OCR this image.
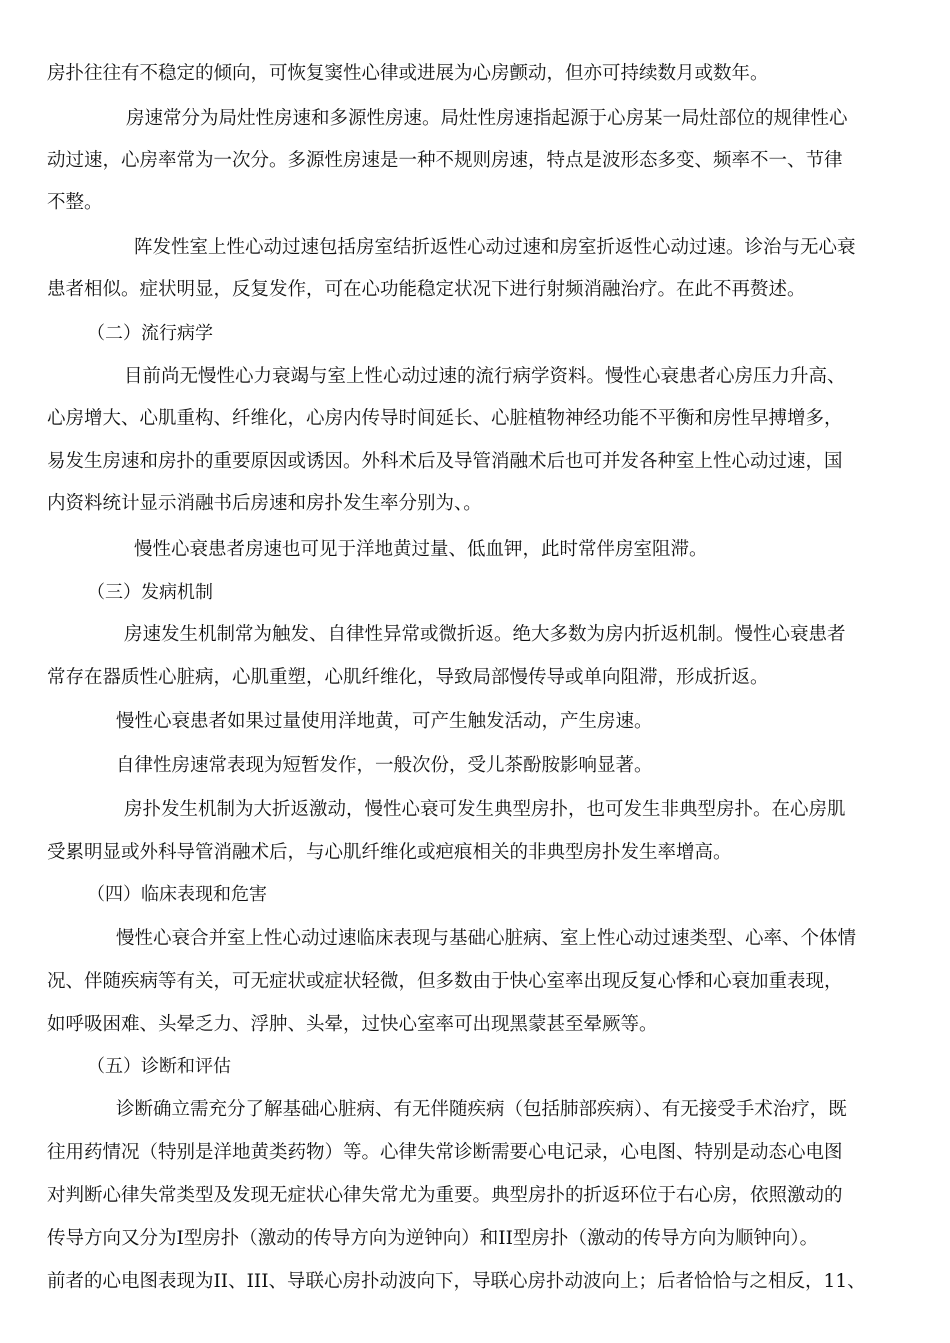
房扑往往有不稳定的倾向，可恢复窦性心律或进展为心房颤动，但亦可持续数月或数年。
房速常分为局灶性房速和多源性房速。局灶性房速指起源于心房某一局灶部位的规律性心
动过速，心房率常为一次分。多源性房速是一种不规则房速，特点是波形态多变、频率不一、节律
不整。
阵发性室上性心动过速包括房室结折返性心动过速和房室折返性心动过速。诊治与无心衰
患者相似。症状明显，反复发作，可在心功能稳定状况下进行射频消融治疗。在此不再赘述。
（二）流行病学
目前尚无慢性心力衰竭与室上性心动过速的流行病学资料。慢性心衰患者心房压力升高、
心房增大、心肌重构、纤维化，心房内传导时间延长、心脏植物神经功能不平衡和房性早搏增多，
易发生房速和房扑的重要原因或诱因。外科术后及导管消融术后也可并发各种室上性心动过速，国
内资料统计显示消融书后房速和房扑发生率分别为、。
慢性心衰患者房速也可见于洋地黄过量、低血钾，此时常伴房室阻滞。
（三）发病机制
房速发生机制常为触发、自律性异常或微折返。绝大多数为房内折返机制。慢性心衰患者
常存在器质性心脏病，心肌重塑，心肌纤维化，导致局部慢传导或单向阻滞，形成折返。
慢性心衰患者如果过量使用洋地黄，可产生触发活动，产生房速。
自律性房速常表现为短暂发作，一般次份，受儿茶酚胺影响显著。
房扑发生机制为大折返激动，慢性心衰可发生典型房扑，也可发生非典型房扑。在心房肌
受累明显或外科导管消融术后，与心肌纤维化或疤痕相关的非典型房扑发生率增高。
（四）临床表现和危害
慢性心衰合并室上性心动过速临床表现与基础心脏病、室上性心动过速类型、心率、个体情
况、伴随疾病等有关，可无症状或症状轻微，但多数由于快心室率出现反复心悸和心衰加重表现，
如呼吸困难、头晕乏力、浮肿、头晕，过快心室率可出现黑蒙甚至晕厥等。
（五）诊断和评估
诊断确立需充分了解基础心脏病、有无伴随疾病（包括肺部疾病）、有无接受手术治疗，既
往用药情况（特别是洋地黄类药物）等。心律失常诊断需要心电记录，心电图、特别是动态心电图
对判断心律失常类型及发现无症状心律失常尤为重要。典型房扑的折返环位于右心房，依照激动的
传导方向又分为I型房扑（激动的传导方向为逆钟向）和II型房扑（激动的传导方向为顺钟向）。
前者的心电图表现为II、III、导联心房扑动波向下，导联心房扑动波向上；后者恰恰与之相反，11、
